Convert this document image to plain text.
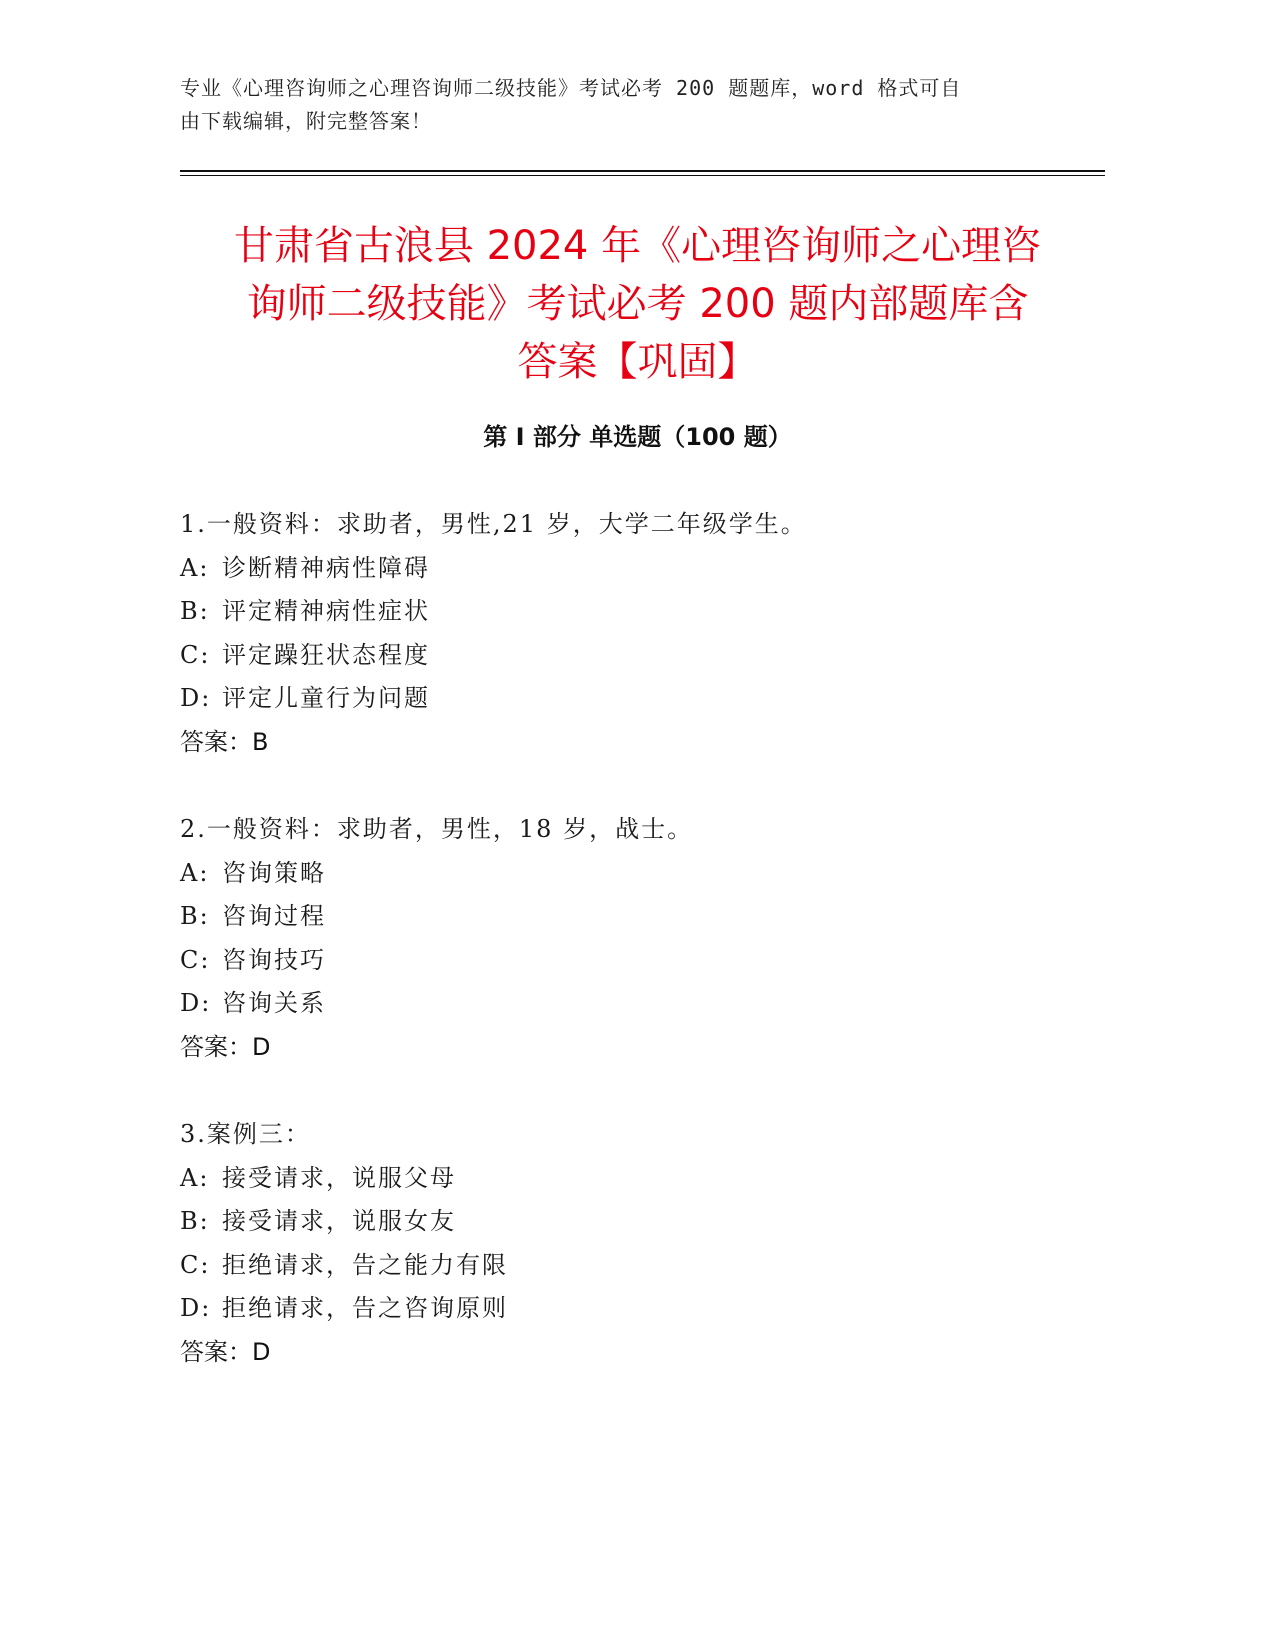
专业《心理咨询师之心理咨询师二级技能》考试必考 200 题题库，word 格式可自
由下载编辑，附完整答案！
甘肃省古浪县 2024 年《心理咨询师之心理咨
询师二级技能》考试必考 200 题内部题库含
答案【巩固】
第 I 部分 单选题（100 题）
1.一般资料：求助者，男性,21 岁，大学二年级学生。
A: 诊断精神病性障碍
B: 评定精神病性症状
C: 评定躁狂状态程度
D: 评定儿童行为问题
答案：B
2.一般资料：求助者，男性，18 岁，战士。
A: 咨询策略
B: 咨询过程
C: 咨询技巧
D: 咨询关系
答案：D
3.案例三：
A: 接受请求，说服父母
B: 接受请求，说服女友
C: 拒绝请求，告之能力有限
D: 拒绝请求，告之咨询原则
答案：D
